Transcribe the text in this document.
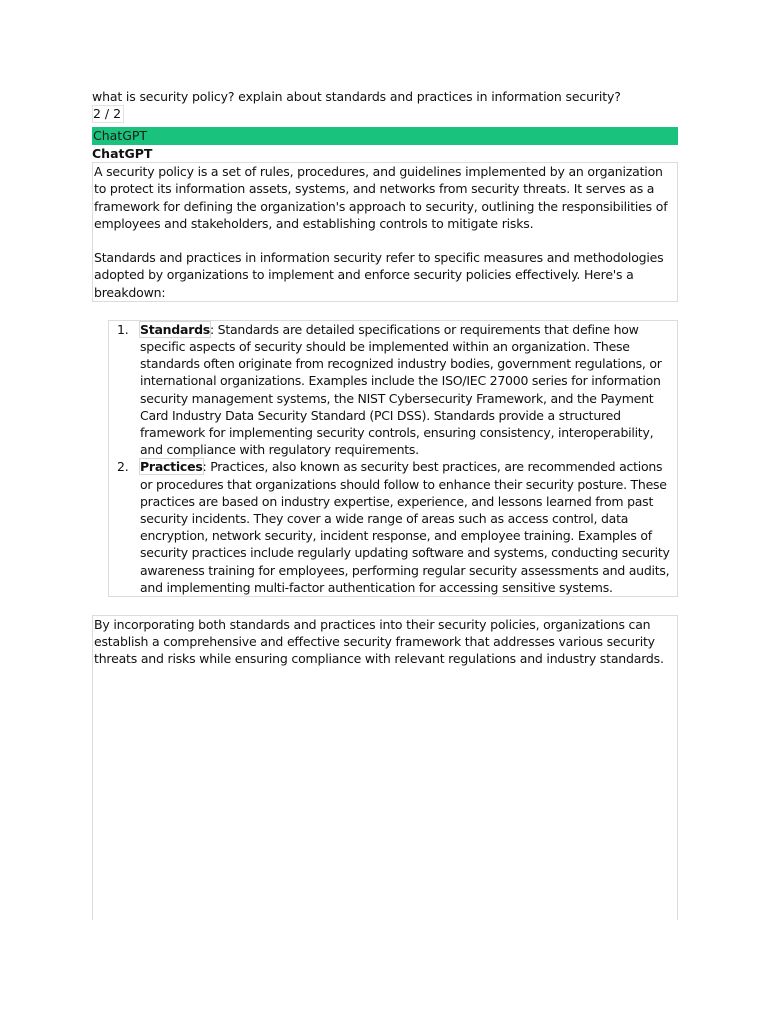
what is security policy? explain about standards and practices in information security?
2 / 2
ChatGPT
ChatGPT

A security policy is a set of rules, procedures, and guidelines implemented by an organization to protect its information assets, systems, and networks from security threats. It serves as a framework for defining the organization's approach to security, outlining the responsibilities of employees and stakeholders, and establishing controls to mitigate risks.

Standards and practices in information security refer to specific measures and methodologies adopted by organizations to implement and enforce security policies effectively. Here's a breakdown:

1. Standards: Standards are detailed specifications or requirements that define how specific aspects of security should be implemented within an organization. These standards often originate from recognized industry bodies, government regulations, or international organizations. Examples include the ISO/IEC 27000 series for information security management systems, the NIST Cybersecurity Framework, and the Payment Card Industry Data Security Standard (PCI DSS). Standards provide a structured framework for implementing security controls, ensuring consistency, interoperability, and compliance with regulatory requirements.
2. Practices: Practices, also known as security best practices, are recommended actions or procedures that organizations should follow to enhance their security posture. These practices are based on industry expertise, experience, and lessons learned from past security incidents. They cover a wide range of areas such as access control, data encryption, network security, incident response, and employee training. Examples of security practices include regularly updating software and systems, conducting security awareness training for employees, performing regular security assessments and audits, and implementing multi-factor authentication for accessing sensitive systems.
By incorporating both standards and practices into their security policies, organizations can establish a comprehensive and effective security framework that addresses various security threats and risks while ensuring compliance with relevant regulations and industry standards.
